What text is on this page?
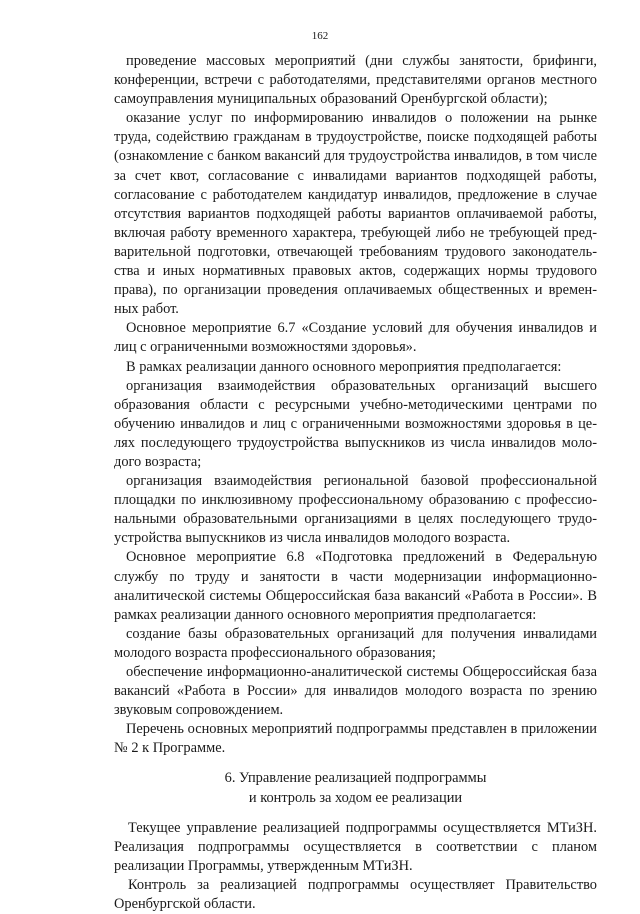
162

проведение массовых мероприятий (дни службы занятости, брифинги, конференции, встречи с работодателями, представителями органов местного самоуправления муниципальных образований Оренбургской области);

оказание услуг по информированию инвалидов о положении на рынке труда, содействию гражданам в трудоустройстве, поиске подходящей работы (ознакомление с банком вакансий для трудоустройства инвалидов, в том числе за счет квот, согласование с инвалидами вариантов подходящей работы, согласование с работодателем кандидатур инвалидов, предложение в случае отсутствия вариантов подходящей работы вариантов оплачиваемой работы, включая работу временного характера, требующей либо не требующей предварительной подготовки, отвечающей требованиям трудового законодательства и иных нормативных правовых актов, содержащих нормы трудового права), по организации проведения оплачиваемых общественных и временных работ.

Основное мероприятие 6.7 «Создание условий для обучения инвалидов и лиц с ограниченными возможностями здоровья».

В рамках реализации данного основного мероприятия предполагается:

организация взаимодействия образовательных организаций высшего образования области с ресурсными учебно-методическими центрами по обучению инвалидов и лиц с ограниченными возможностями здоровья в целях последующего трудоустройства выпускников из числа инвалидов молодого возраста;

организация взаимодействия региональной базовой профессиональной площадки по инклюзивному профессиональному образованию с профессиональными образовательными организациями в целях последующего трудоустройства выпускников из числа инвалидов молодого возраста.

Основное мероприятие 6.8 «Подготовка предложений в Федеральную службу по труду и занятости в части модернизации информационно-аналитической системы Общероссийская база вакансий «Работа в России». В рамках реализации данного основного мероприятия предполагается:

создание базы образовательных организаций для получения инвалидами молодого возраста профессионального образования;

обеспечение информационно-аналитической системы Общероссийская база вакансий «Работа в России» для инвалидов молодого возраста по зрению звуковым сопровождением.

Перечень основных мероприятий подпрограммы представлен в приложении № 2 к Программе.

6. Управление реализацией подпрограммы
и контроль за ходом ее реализации

Текущее управление реализацией подпрограммы осуществляется МТиЗН. Реализация подпрограммы осуществляется в соответствии с планом реализации Программы, утвержденным МТиЗН.

Контроль за реализацией подпрограммы осуществляет Правительство Оренбургской области.
